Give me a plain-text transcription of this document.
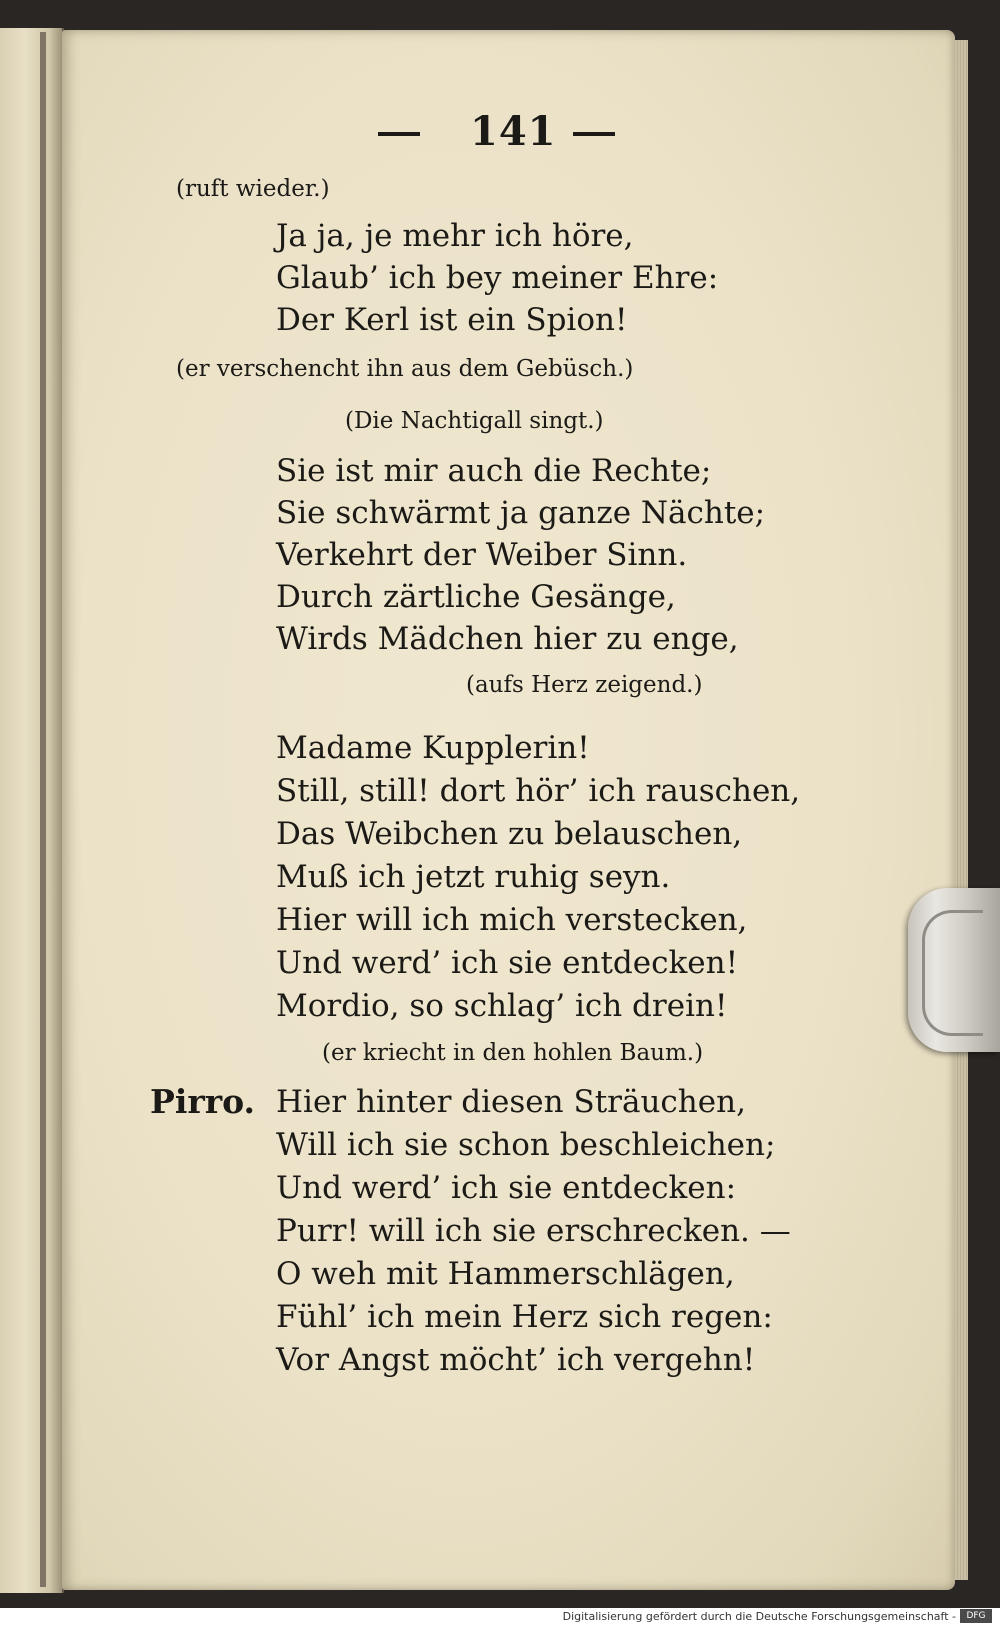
141
(ruft wieder.)
Ja ja, je mehr ich höre,
Glaub’ ich bey meiner Ehre:
Der Kerl ist ein Spion!
(er verschencht ihn aus dem Gebüsch.)
(Die Nachtigall singt.)
Sie ist mir auch die Rechte;
Sie schwärmt ja ganze Nächte;
Verkehrt der Weiber Sinn.
Durch zärtliche Gesänge,
Wirds Mädchen hier zu enge,
(aufs Herz zeigend.)
Madame Kupplerin!
Still, still! dort hör’ ich rauschen,
Das Weibchen zu belauschen,
Muß ich jetzt ruhig seyn.
Hier will ich mich verstecken,
Und werd’ ich sie entdecken!
Mordio, so schlag’ ich drein!
(er kriecht in den hohlen Baum.)
Pirro. Hier hinter diesen Sträuchen,
Will ich sie schon beschleichen;
Und werd’ ich sie entdecken:
Purr! will ich sie erschrecken. —
O weh mit Hammerschlägen,
Fühl’ ich mein Herz sich regen:
Vor Angst möcht’ ich vergehn!
Digitalisierung gefördert durch die Deutsche Forschungsgemeinschaft -	DFG
